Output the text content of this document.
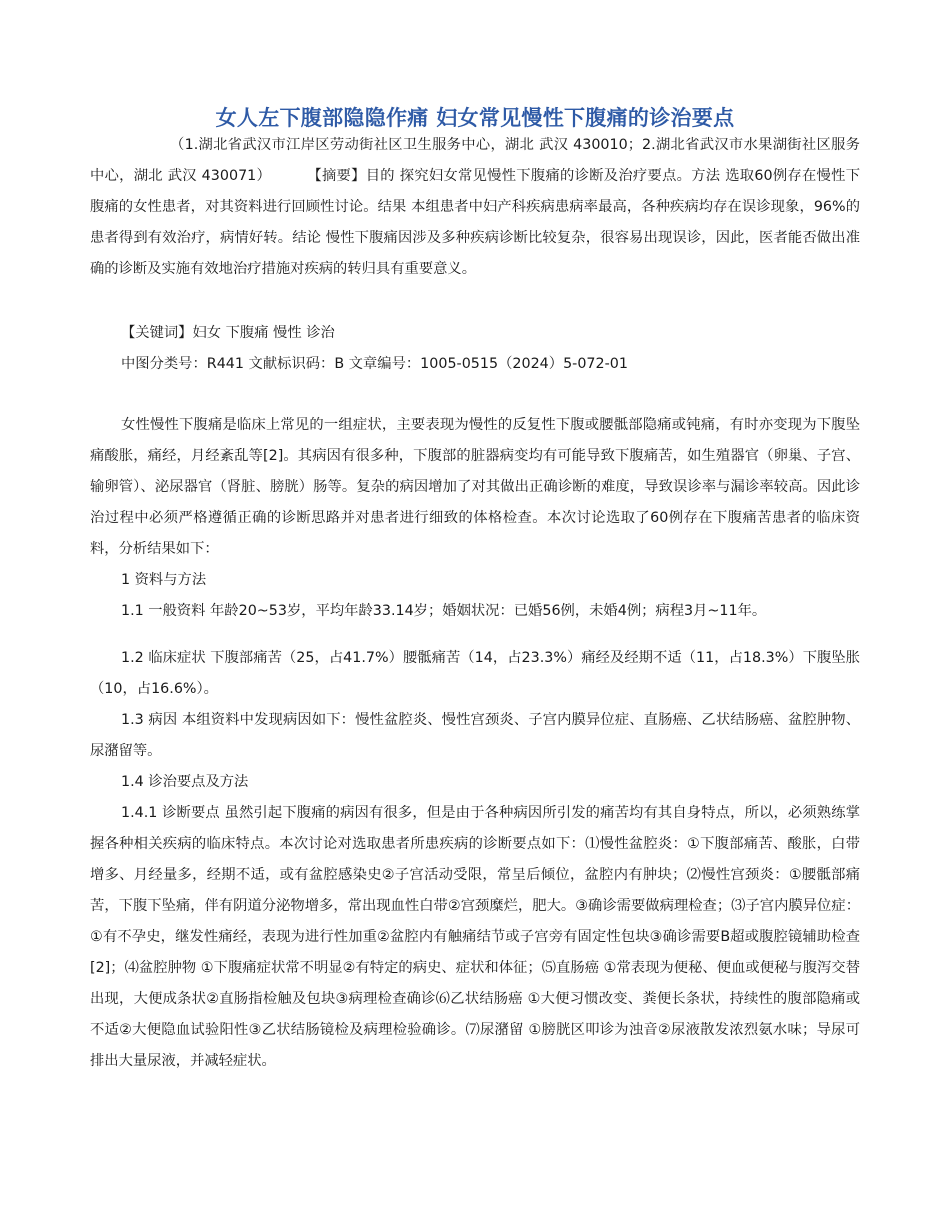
女人左下腹部隐隐作痛 妇女常见慢性下腹痛的诊治要点

（1.湖北省武汉市江岸区劳动街社区卫生服务中心，湖北 武汉 430010；2.湖北省武汉市水果湖街社区服务中心，湖北 武汉 430071）	【摘要】目的 探究妇女常见慢性下腹痛的诊断及治疗要点。方法 选取60例存在慢性下腹痛的女性患者，对其资料进行回顾性讨论。结果 本组患者中妇产科疾病患病率最高，各种疾病均存在误诊现象，96%的患者得到有效治疗，病情好转。结论 慢性下腹痛因涉及多种疾病诊断比较复杂，很容易出现误诊，因此，医者能否做出准确的诊断及实施有效地治疗措施对疾病的转归具有重要意义。

【关键词】妇女 下腹痛 慢性 诊治

中图分类号：R441 文献标识码：B 文章编号：1005-0515（2024）5-072-01

女性慢性下腹痛是临床上常见的一组症状，主要表现为慢性的反复性下腹或腰骶部隐痛或钝痛，有时亦变现为下腹坠痛酸胀，痛经，月经紊乱等[2]。其病因有很多种，下腹部的脏器病变均有可能导致下腹痛苦，如生殖器官（卵巢、子宫、输卵管）、泌尿器官（肾脏、膀胱）肠等。复杂的病因增加了对其做出正确诊断的难度，导致误诊率与漏诊率较高。因此诊治过程中必须严格遵循正确的诊断思路并对患者进行细致的体格检查。本次讨论选取了60例存在下腹痛苦患者的临床资料，分析结果如下：

1 资料与方法

1.1 一般资料 年龄20~53岁，平均年龄33.14岁；婚姻状况：已婚56例，未婚4例；病程3月~11年。

1.2 临床症状 下腹部痛苦（25，占41.7%）腰骶痛苦（14，占23.3%）痛经及经期不适（11，占18.3%）下腹坠胀（10，占16.6%）。

1.3 病因 本组资料中发现病因如下：慢性盆腔炎、慢性宫颈炎、子宫内膜异位症、直肠癌、乙状结肠癌、盆腔肿物、尿潴留等。

1.4 诊治要点及方法

1.4.1 诊断要点 虽然引起下腹痛的病因有很多，但是由于各种病因所引发的痛苦均有其自身特点，所以，必须熟练掌握各种相关疾病的临床特点。本次讨论对选取患者所患疾病的诊断要点如下：⑴慢性盆腔炎：①下腹部痛苦、酸胀，白带增多、月经量多，经期不适，或有盆腔感染史②子宫活动受限，常呈后倾位，盆腔内有肿块；⑵慢性宫颈炎：①腰骶部痛苦，下腹下坠痛，伴有阴道分泌物增多，常出现血性白带②宫颈糜烂，肥大。③确诊需要做病理检查；⑶子宫内膜异位症：①有不孕史，继发性痛经，表现为进行性加重②盆腔内有触痛结节或子宫旁有固定性包块③确诊需要B超或腹腔镜辅助检查[2]；⑷盆腔肿物 ①下腹痛症状常不明显②有特定的病史、症状和体征；⑸直肠癌 ①常表现为便秘、便血或便秘与腹泻交替出现，大便成条状②直肠指检触及包块③病理检查确诊⑹乙状结肠癌 ①大便习惯改变、粪便长条状，持续性的腹部隐痛或不适②大便隐血试验阳性③乙状结肠镜检及病理检验确诊。⑺尿潴留 ①膀胱区叩诊为浊音②尿液散发浓烈氨水味；导尿可排出大量尿液，并减轻症状。
